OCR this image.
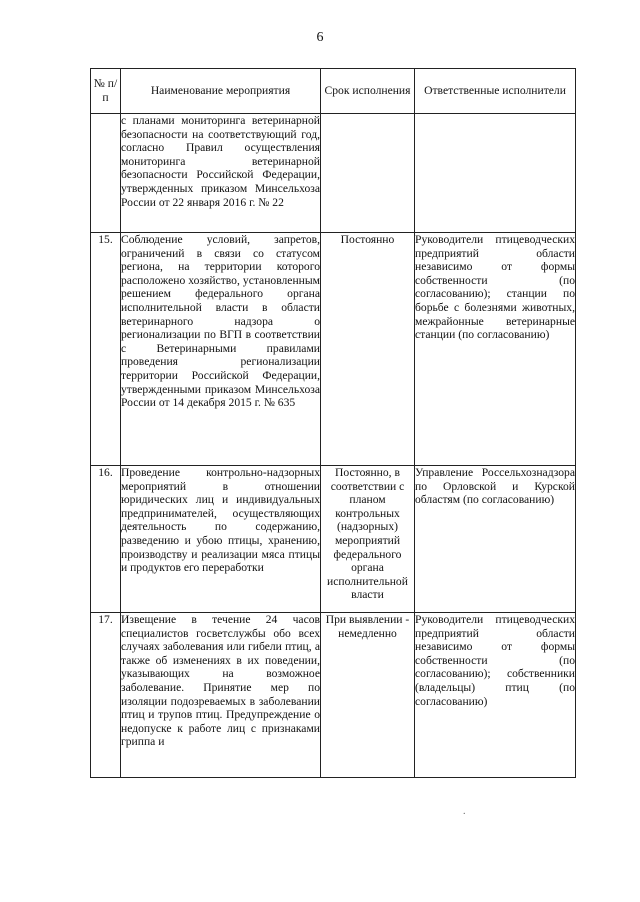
6
№ п/п	Наименование мероприятия	Срок исполнения	Ответственные исполнители
	с планами мониторинга ветеринарной безопасности на соответствующий год, согласно Правил осуществления мониторинга ветеринарной безопасности Российской Федерации, утвержденных приказом Минсельхоза России от 22 января 2016 г. № 22		
15.	Соблюдение условий, запретов, ограничений в связи со статусом региона, на территории которого расположено хозяйство, установленным решением федерального органа исполнительной власти в области ветеринарного надзора о регионализации по ВГП в соответствии с Ветеринарными правилами проведения регионализации территории Российской Федерации, утвержденными приказом Минсельхоза России от 14 декабря 2015 г. № 635	Постоянно	Руководители птицеводческих предприятий области независимо от формы собственности (по согласованию); станции по борьбе с болезнями животных, межрайонные ветеринарные станции (по согласованию)
16.	Проведение контрольно-надзорных мероприятий в отношении юридических лиц и индивидуальных предпринимателей, осуществляющих деятельность по содержанию, разведению и убою птицы, хранению, производству и реализации мяса птицы и продуктов его переработки	Постоянно, в соответствии с планом контрольных (надзорных) мероприятий федерального органа исполнительной власти	Управление Россельхознадзора по Орловской и Курской областям (по согласованию)
17.	Извещение в течение 24 часов специалистов госветслужбы обо всех случаях заболевания или гибели птиц, а также об изменениях в их поведении, указывающих на возможное заболевание. Принятие мер по изоляции подозреваемых в заболевании птиц и трупов птиц. Предупреждение о недопуске к работе лиц с признаками гриппа и	При выявлении - немедленно	Руководители птицеводческих предприятий области независимо от формы собственности (по согласованию); собственники (владельцы) птиц (по согласованию)
.
